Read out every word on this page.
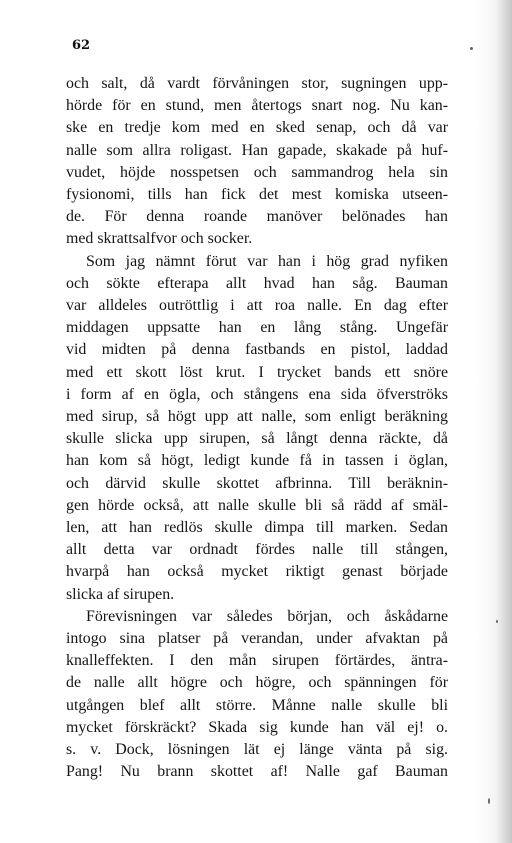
62
och salt, då vardt förvåningen stor, sugningen upp-
hörde för en stund, men återtogs snart nog. Nu kan-
ske en tredje kom med en sked senap, och då var
nalle som allra roligast. Han gapade, skakade på huf-
vudet, höjde nosspetsen och sammandrog hela sin
fysionomi, tills han fick det mest komiska utseen-
de. För denna roande manöver belönades han
med skrattsalfvor och socker.
Som jag nämnt förut var han i hög grad nyfiken
och sökte efterapa allt hvad han såg. Bauman
var alldeles outröttlig i att roa nalle. En dag efter
middagen uppsatte han en lång stång. Ungefär
vid midten på denna fastbands en pistol, laddad
med ett skott löst krut. I trycket bands ett snöre
i form af en ögla, och stångens ena sida öfverströks
med sirup, så högt upp att nalle, som enligt beräkning
skulle slicka upp sirupen, så långt denna räckte, då
han kom så högt, ledigt kunde få in tassen i öglan,
och därvid skulle skottet afbrinna. Till beräknin-
gen hörde också, att nalle skulle bli så rädd af smäl-
len, att han redlös skulle dimpa till marken. Sedan
allt detta var ordnadt fördes nalle till stången,
hvarpå han också mycket riktigt genast började
slicka af sirupen.
Förevisningen var således början, och åskådarne
intogo sina platser på verandan, under afvaktan på
knalleffekten. I den mån sirupen förtärdes, äntra-
de nalle allt högre och högre, och spänningen för
utgången blef allt större. Månne nalle skulle bli
mycket förskräckt? Skada sig kunde han väl ej! o.
s. v. Dock, lösningen lät ej länge vänta på sig.
Pang! Nu brann skottet af! Nalle gaf Bauman
